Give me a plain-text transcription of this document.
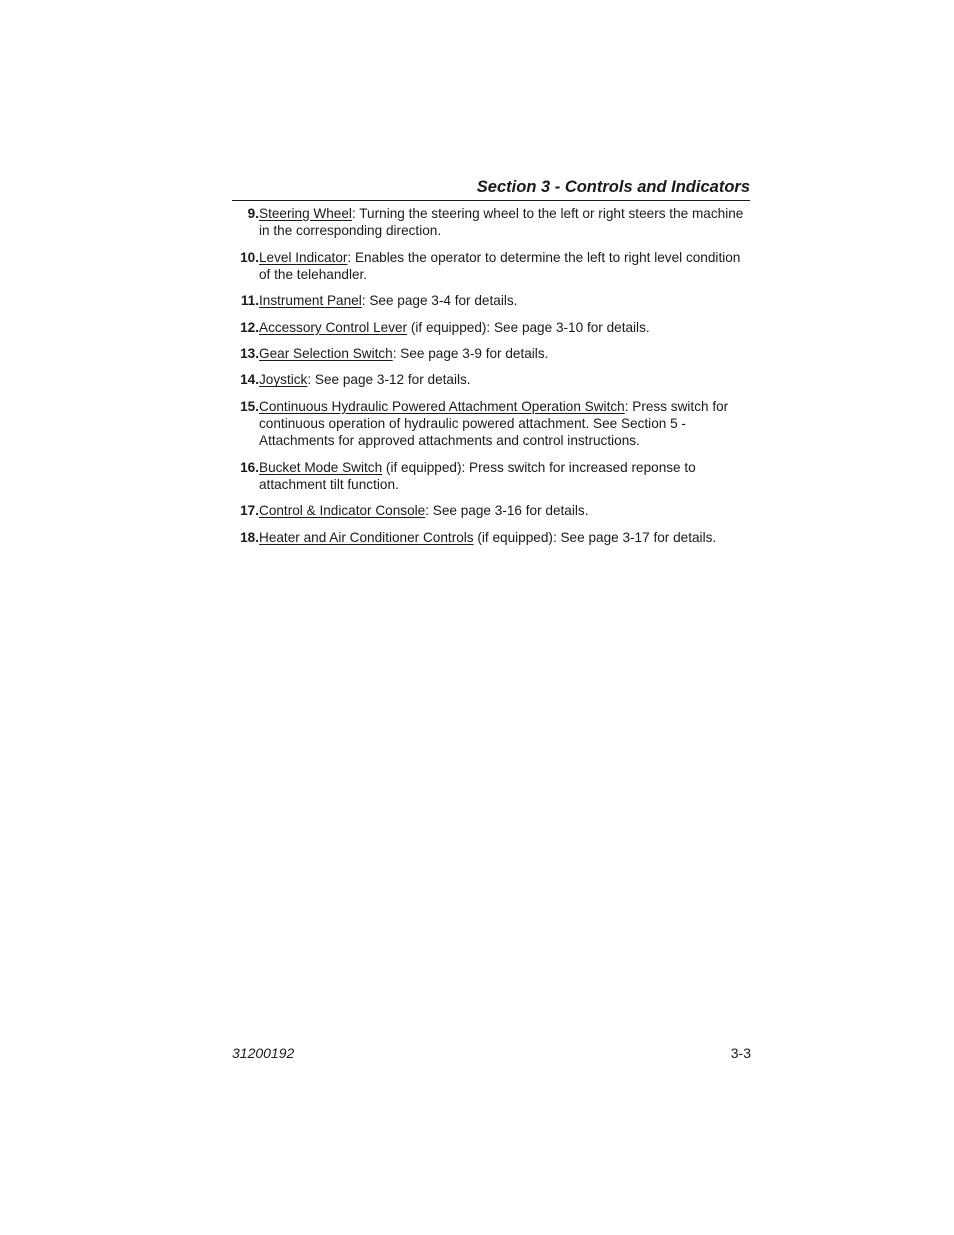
Section 3 - Controls and Indicators
9. Steering Wheel: Turning the steering wheel to the left or right steers the machine in the corresponding direction.
10. Level Indicator: Enables the operator to determine the left to right level condition of the telehandler.
11. Instrument Panel: See page 3-4 for details.
12. Accessory Control Lever (if equipped): See page 3-10 for details.
13. Gear Selection Switch: See page 3-9 for details.
14. Joystick: See page 3-12 for details.
15. Continuous Hydraulic Powered Attachment Operation Switch: Press switch for continuous operation of hydraulic powered attachment. See Section 5 - Attachments for approved attachments and control instructions.
16. Bucket Mode Switch (if equipped): Press switch for increased reponse to attachment tilt function.
17. Control & Indicator Console: See page 3-16 for details.
18. Heater and Air Conditioner Controls (if equipped): See page 3-17 for details.
31200192	3-3
